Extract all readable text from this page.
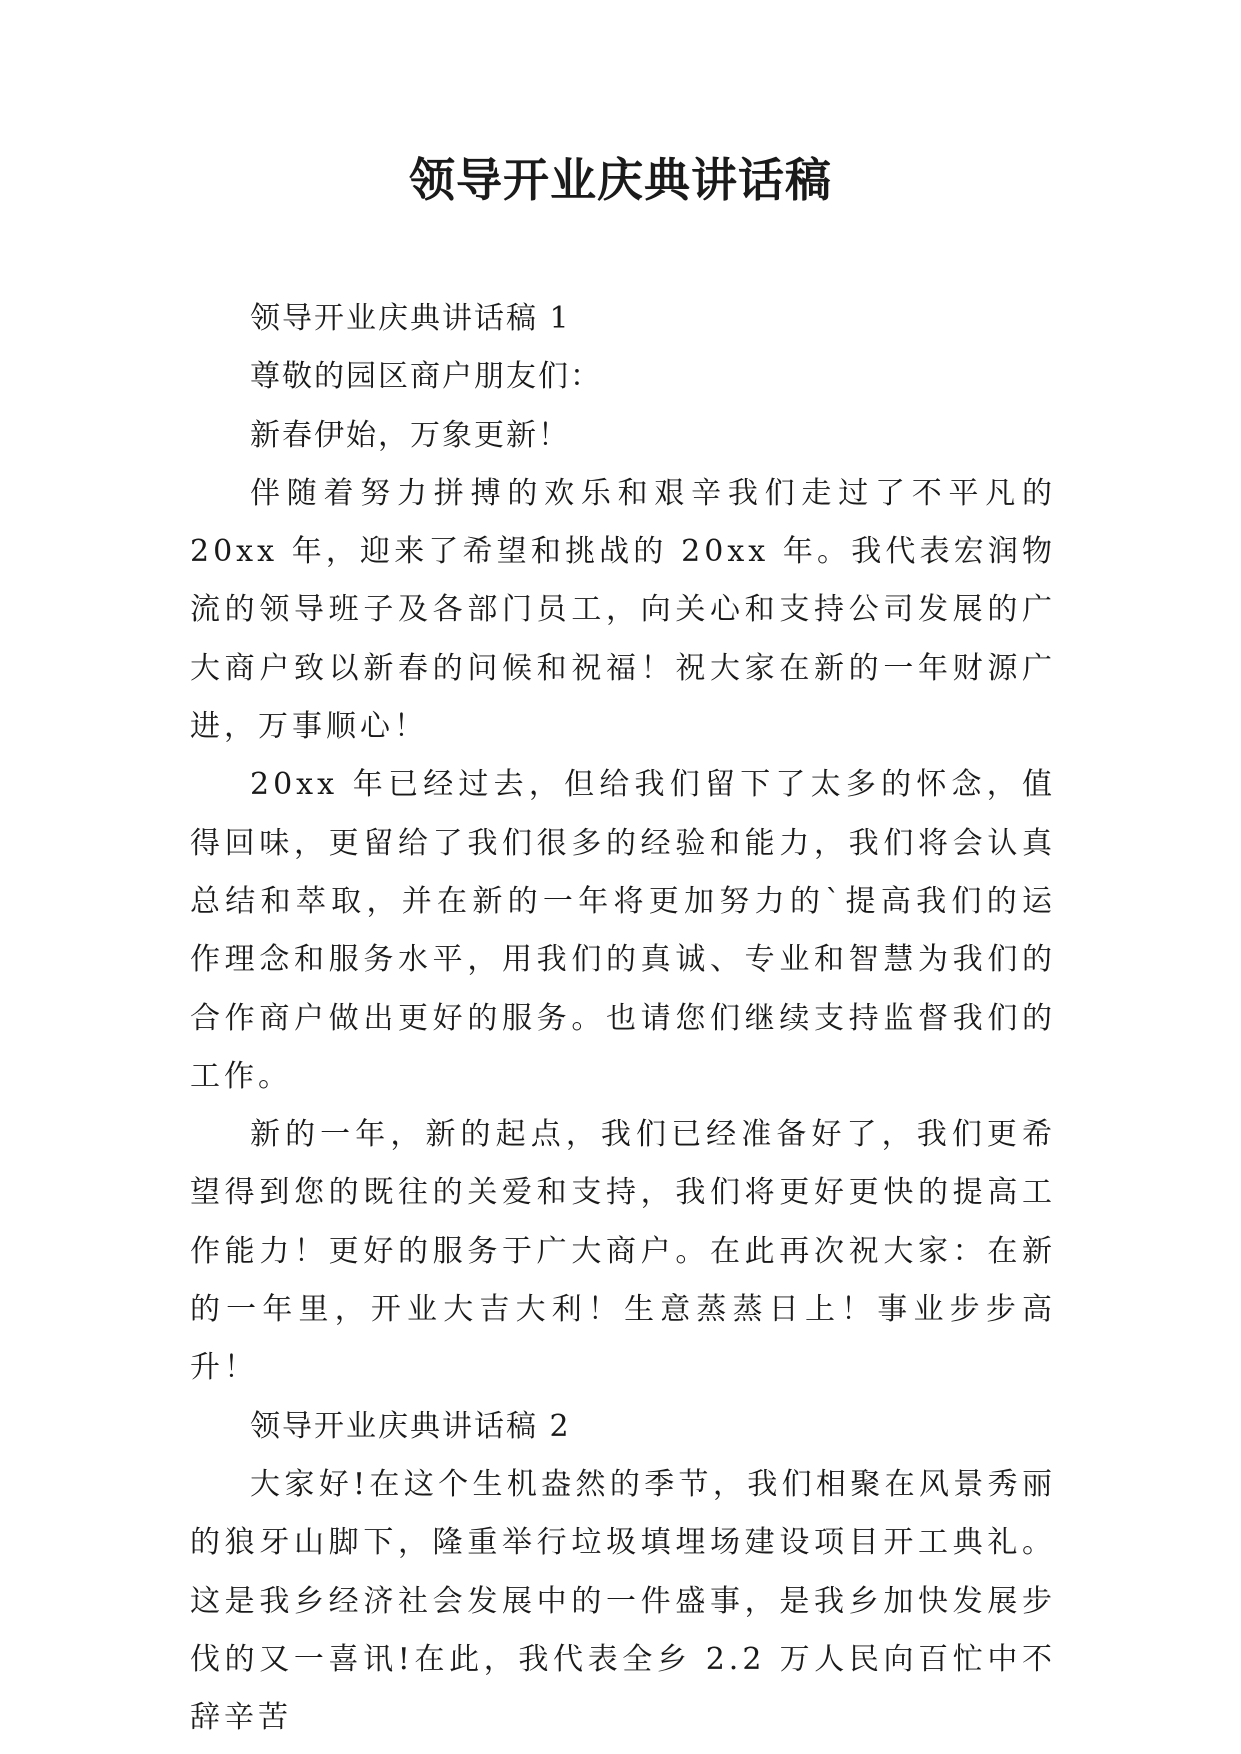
领导开业庆典讲话稿

领导开业庆典讲话稿 1

尊敬的园区商户朋友们：

新春伊始，万象更新！

伴随着努力拼搏的欢乐和艰辛我们走过了不平凡的 20xx 年，迎来了希望和挑战的 20xx 年。我代表宏润物流的领导班子及各部门员工，向关心和支持公司发展的广大商户致以新春的问候和祝福！祝大家在新的一年财源广进，万事顺心！

20xx 年已经过去，但给我们留下了太多的怀念，值得回味，更留给了我们很多的经验和能力，我们将会认真总结和萃取，并在新的一年将更加努力的`提高我们的运作理念和服务水平，用我们的真诚、专业和智慧为我们的合作商户做出更好的服务。也请您们继续支持监督我们的工作。

新的一年，新的起点，我们已经准备好了，我们更希望得到您的既往的关爱和支持，我们将更好更快的提高工作能力！更好的服务于广大商户。在此再次祝大家：在新的一年里，开业大吉大利！生意蒸蒸日上！事业步步高升！

领导开业庆典讲话稿 2

大家好!在这个生机盎然的季节，我们相聚在风景秀丽的狼牙山脚下，隆重举行垃圾填埋场建设项目开工典礼。这是我乡经济社会发展中的一件盛事，是我乡加快发展步伐的又一喜讯!在此，我代表全乡 2.2 万人民向百忙中不辞辛苦
